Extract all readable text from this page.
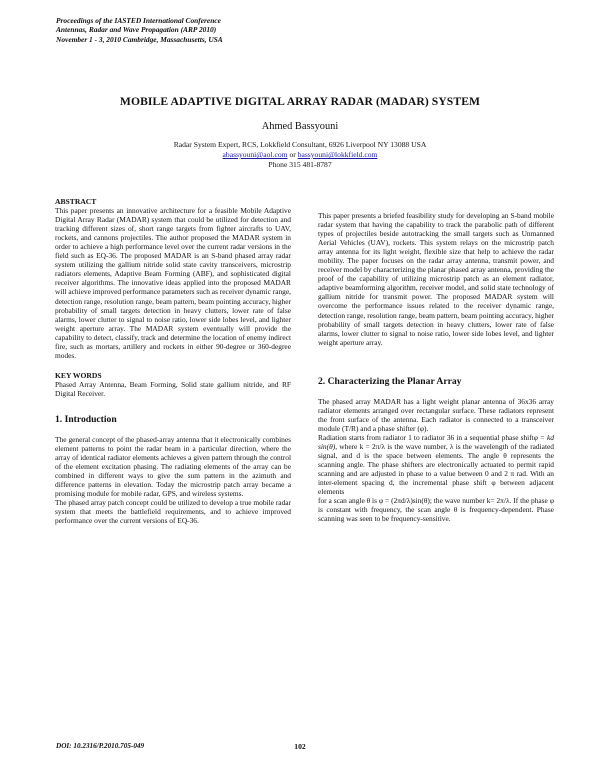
Proceedings of the IASTED International Conference
Antennas, Radar and Wave Propagation (ARP 2010)
November 1 - 3, 2010 Cambridge, Massachusetts, USA
MOBILE ADAPTIVE DIGITAL ARRAY RADAR (MADAR) SYSTEM
Ahmed Bassyouni
Radar System Expert, RCS, Lokkfield Consultant, 6926 Liverpool NY 13088 USA
abassyouni@aol.com or bassyouni@lokkfield.com
Phone 315 481-8787

ABSTRACT

This paper presents an innovative architecture for a feasible Mobile Adaptive Digital Array Radar (MADAR) system that could be utilized for detection and tracking different sizes of, short range targets from fighter aircrafts to UAV, rockets, and cannons projectiles. The author proposed the MADAR system in order to achieve a high performance level over the current radar versions in the field such as EQ-36. The proposed MADAR is an S-band phased array radar system utilizing the gallium nitride solid state cavity transceivers, microstrip radiators elements, Adaptive Beam Forming (ABF), and sophisticated digital receiver algorithms. The innovative ideas applied into the proposed MADAR will achieve improved performance parameters such as receiver dynamic range, detection range, resolution range, beam pattern, beam pointing accuracy, higher probability of small targets detection in heavy clutters, lower rate of false alarms, lower clutter to signal to noise ratio, lower side lobes level, and lighter weight aperture array. The MADAR system eventually will provide the capability to detect, classify, track and determine the location of enemy indirect fire, such as mortars, artillery and rockets in either 90-degree or 360-degree modes.

KEY WORDS

Phased Array Antenna, Beam Forming, Solid state gallium nitride, and RF Digital Receiver.

1. Introduction

The general concept of the phased-array antenna that it electronically combines element patterns to point the radar beam in a particular direction, where the array of identical radiator elements achieves a given pattern through the control of the element excitation phasing. The radiating elements of the array can be combined in different ways to give the sum pattern in the azimuth and difference patterns in elevation. Today the microstrip patch array became a promising module for mobile radar, GPS, and wireless systems.

The phased array patch concept could be utilized to develop a true mobile radar system that meets the battlefield requirements, and to achieve improved performance over the current versions of EQ-36.

This paper presents a briefed feasibility study for developing an S-band mobile radar system that having the capability to track the parabolic path of different types of projectiles beside autotracking the small targets such as Unmanned Aerial Vehicles (UAV), rockets. This system relays on the microstrip patch array antenna for its light weight, flexible size that help to achieve the radar mobility. The paper focuses on the radar array antenna, transmit power, and receiver model by characterizing the planar phased array antenna, providing the proof of the capability of utilizing microstrip patch as an element radiator, adaptive beamforming algorithm, receiver model, and solid state technology of gallium nitride for transmit power. The proposed MADAR system will overcome the performance issues related to the receiver dynamic range, detection range, resolution range, beam pattern, beam pointing accuracy, higher probability of small targets detection in heavy clutters, lower rate of false alarms, lower clutter to signal to noise ratio, lower side lobes level, and lighter weight aperture array.

2. Characterizing the Planar Array

The phased array MADAR has a light weight planar antenna of 36x36 array radiator elements arranged over rectangular surface. These radiators represent the front surface of the antenna. Each radiator is connected to a transceiver module (T/R) and a phase shifter (φ).

Radiation starts from radiator 1 to radiator 36 in a sequential phase shiftφ = kd sin(θ), where k = 2π/λ is the wave number, λ is the wavelength of the radiated signal, and d is the space between elements. The angle θ represents the scanning angle. The phase shifters are electronically actuated to permit rapid scanning and are adjusted in phase to a value between 0 and 2 π rad. With an inter-element spacing d, the incremental phase shift φ between adjacent elements

for a scan angle θ is φ = (2πd/λ)sin(θ); the wave number k= 2π/λ. If the phase φ is constant with frequency, the scan angle θ is frequency-dependent. Phase scanning was seen to be frequency-sensitive.

DOI: 10.2316/P.2010.705-049	102
